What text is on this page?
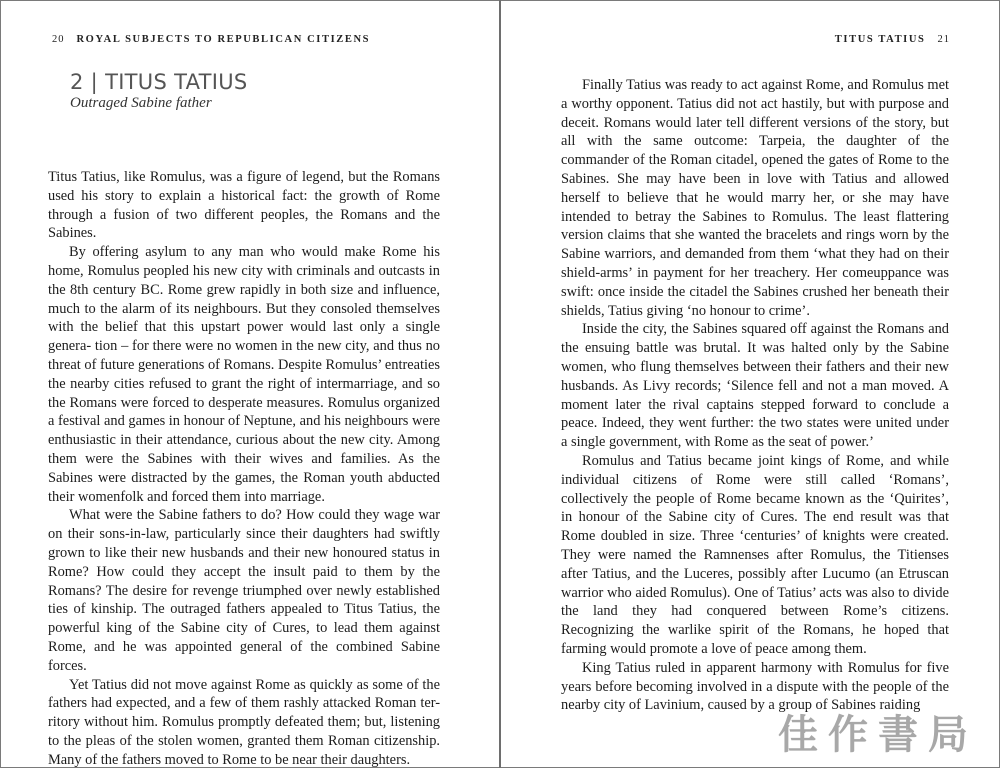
20 ROYAL SUBJECTS TO REPUBLICAN CITIZENS
2 | TITUS TATIUS
Outraged Sabine father

Titus Tatius, like Romulus, was a figure of legend, but the Romans used his story to explain a historical fact: the growth of Rome through a fusion of two different peoples, the Romans and the Sabines.

By offering asylum to any man who would make Rome his home, Romulus peopled his new city with criminals and outcasts in the 8th century BC. Rome grew rapidly in both size and influence, much to the alarm of its neighbours. But they consoled themselves with the belief that this upstart power would last only a single genera- tion – for there were no women in the new city, and thus no threat of future generations of Romans. Despite Romulus’ entreaties the nearby cities refused to grant the right of intermarriage, and so the Romans were forced to desperate measures. Romulus organized a festival and games in honour of Neptune, and his neighbours were enthusiastic in their attendance, curious about the new city. Among them were the Sabines with their wives and families. As the Sabines were distracted by the games, the Roman youth abducted their womenfolk and forced them into marriage.

What were the Sabine fathers to do? How could they wage war on their sons-in-law, particularly since their daughters had swiftly grown to like their new husbands and their new honoured status in Rome? How could they accept the insult paid to them by the Romans? The desire for revenge triumphed over newly established ties of kinship. The outraged fathers appealed to Titus Tatius, the powerful king of the Sabine city of Cures, to lead them against Rome, and he was appointed general of the combined Sabine forces.

Yet Tatius did not move against Rome as quickly as some of the fathers had expected, and a few of them rashly attacked Roman ter- ritory without him. Romulus promptly defeated them; but, listening to the pleas of the stolen women, granted them Roman citizenship. Many of the fathers moved to Rome to be near their daughters.

TITUS TATIUS 21

Finally Tatius was ready to act against Rome, and Romulus met a worthy opponent. Tatius did not act hastily, but with purpose and deceit. Romans would later tell different versions of the story, but all with the same outcome: Tarpeia, the daughter of the commander of the Roman citadel, opened the gates of Rome to the Sabines. She may have been in love with Tatius and allowed herself to believe that he would marry her, or she may have intended to betray the Sabines to Romulus. The least flattering version claims that she wanted the bracelets and rings worn by the Sabine warriors, and demanded from them ‘what they had on their shield-arms’ in payment for her treachery. Her comeuppance was swift: once inside the citadel the Sabines crushed her beneath their shields, Tatius giving ‘no honour to crime’.

Inside the city, the Sabines squared off against the Romans and the ensuing battle was brutal. It was halted only by the Sabine women, who flung themselves between their fathers and their new husbands. As Livy records; ‘Silence fell and not a man moved. A moment later the rival captains stepped forward to conclude a peace. Indeed, they went further: the two states were united under a single government, with Rome as the seat of power.’

Romulus and Tatius became joint kings of Rome, and while individual citizens of Rome were still called ‘Romans’, collectively the people of Rome became known as the ‘Quirites’, in honour of the Sabine city of Cures. The end result was that Rome doubled in size. Three ‘centuries’ of knights were created. They were named the Ramnenses after Romulus, the Titienses after Tatius, and the Luceres, possibly after Lucumo (an Etruscan warrior who aided Romulus). One of Tatius’ acts was also to divide the land they had conquered between Rome’s citizens. Recognizing the warlike spirit of the Romans, he hoped that farming would promote a love of peace among them.

King Tatius ruled in apparent harmony with Romulus for five years before becoming involved in a dispute with the people of the nearby city of Lavinium, caused by a group of Sabines raiding

佳作書局
